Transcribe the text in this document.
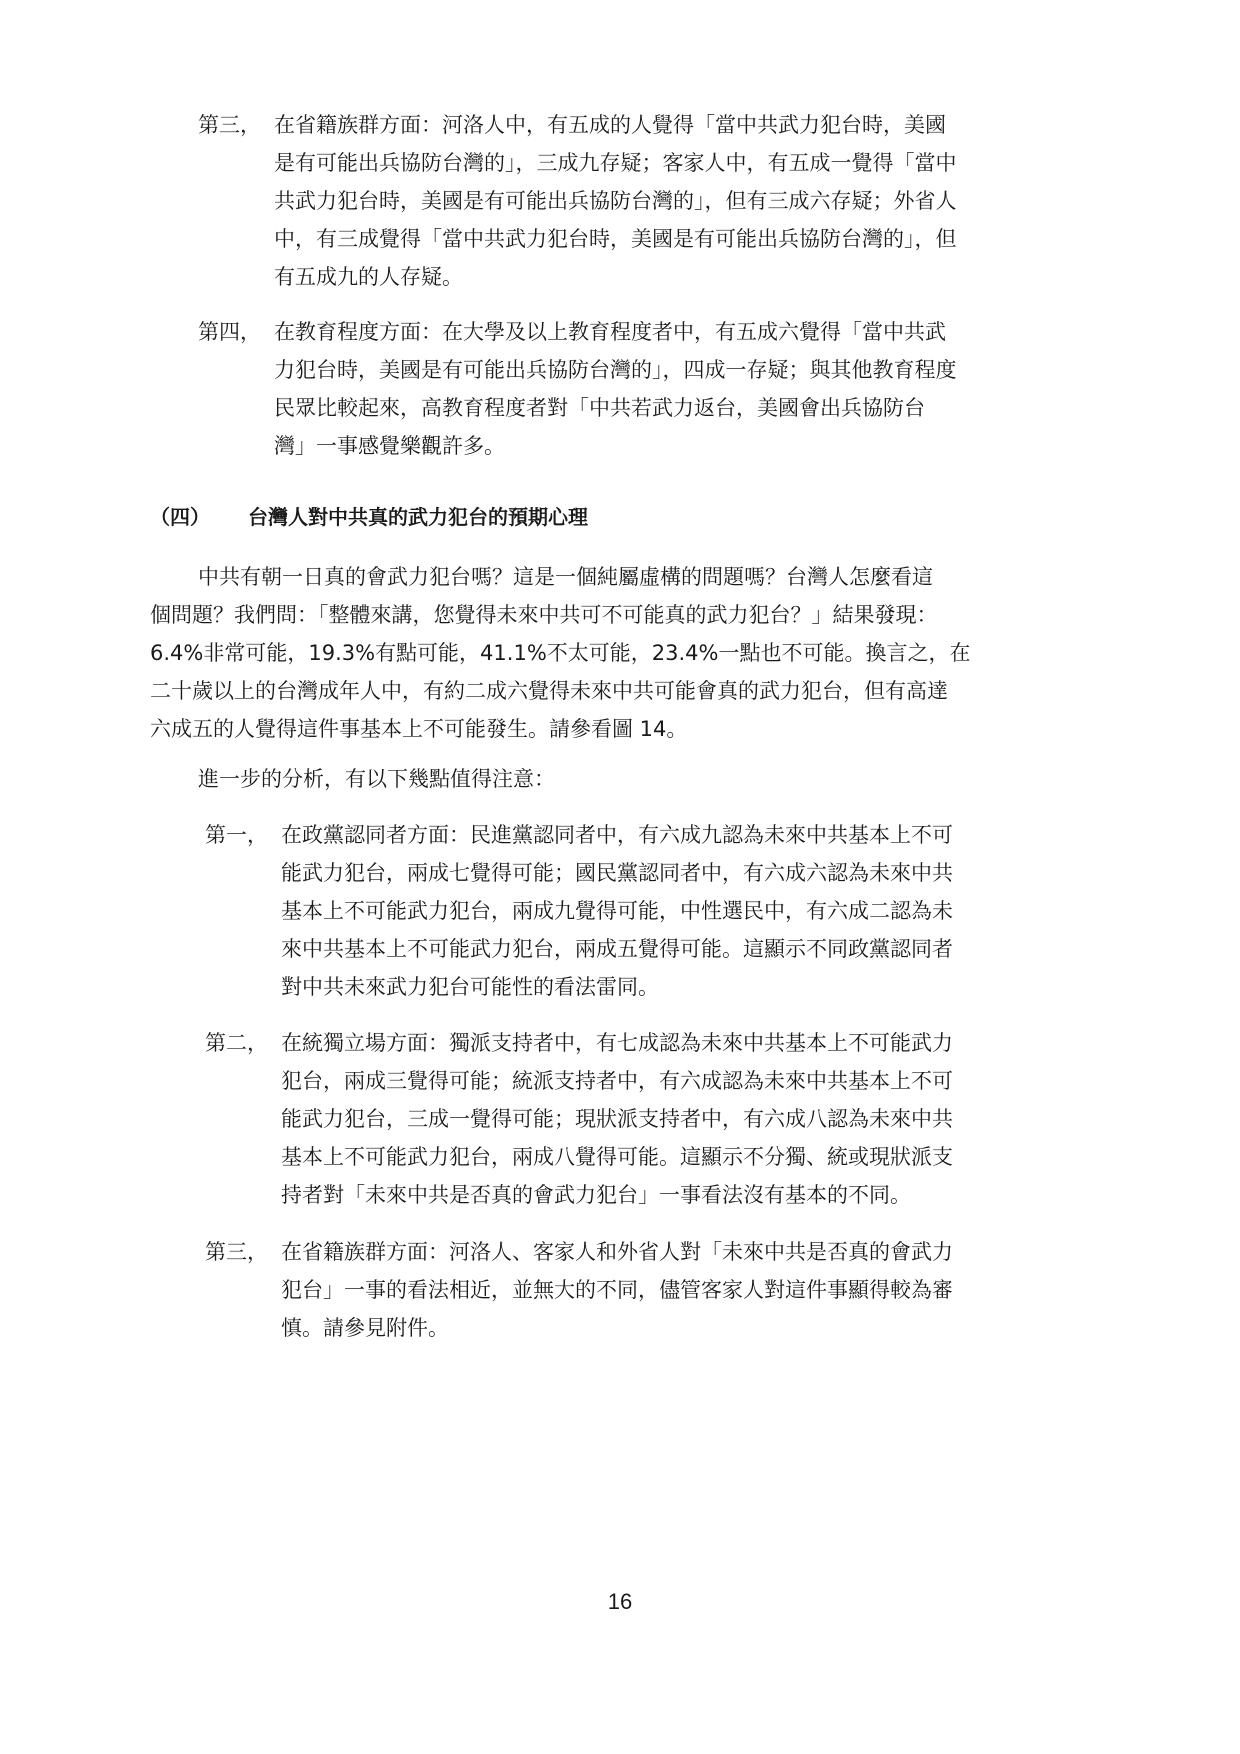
第三， 在省籍族群方面：河洛人中，有五成的人覺得「當中共武力犯台時，美國
是有可能出兵協防台灣的」，三成九存疑；客家人中，有五成一覺得「當中
共武力犯台時，美國是有可能出兵協防台灣的」，但有三成六存疑；外省人
中，有三成覺得「當中共武力犯台時，美國是有可能出兵協防台灣的」，但
有五成九的人存疑。
第四， 在教育程度方面：在大學及以上教育程度者中，有五成六覺得「當中共武
力犯台時，美國是有可能出兵協防台灣的」，四成一存疑；與其他教育程度
民眾比較起來，高教育程度者對「中共若武力返台，美國會出兵協防台
灣」一事感覺樂觀許多。
（四） 台灣人對中共真的武力犯台的預期心理
中共有朝一日真的會武力犯台嗎？這是一個純屬虛構的問題嗎？台灣人怎麼看這
個問題？我們問：「整體來講，您覺得未來中共可不可能真的武力犯台？」結果發現：
6.4%非常可能，19.3%有點可能，41.1%不太可能，23.4%一點也不可能。換言之，在
二十歲以上的台灣成年人中，有約二成六覺得未來中共可能會真的武力犯台，但有高達
六成五的人覺得這件事基本上不可能發生。請參看圖 14。
進一步的分析，有以下幾點值得注意：
第一， 在政黨認同者方面：民進黨認同者中，有六成九認為未來中共基本上不可
能武力犯台，兩成七覺得可能；國民黨認同者中，有六成六認為未來中共
基本上不可能武力犯台，兩成九覺得可能，中性選民中，有六成二認為未
來中共基本上不可能武力犯台，兩成五覺得可能。這顯示不同政黨認同者
對中共未來武力犯台可能性的看法雷同。
第二， 在統獨立場方面：獨派支持者中，有七成認為未來中共基本上不可能武力
犯台，兩成三覺得可能；統派支持者中，有六成認為未來中共基本上不可
能武力犯台，三成一覺得可能；現狀派支持者中，有六成八認為未來中共
基本上不可能武力犯台，兩成八覺得可能。這顯示不分獨、統或現狀派支
持者對「未來中共是否真的會武力犯台」一事看法沒有基本的不同。
第三， 在省籍族群方面：河洛人、客家人和外省人對「未來中共是否真的會武力
犯台」一事的看法相近，並無大的不同，儘管客家人對這件事顯得較為審
慎。請參見附件。
16
